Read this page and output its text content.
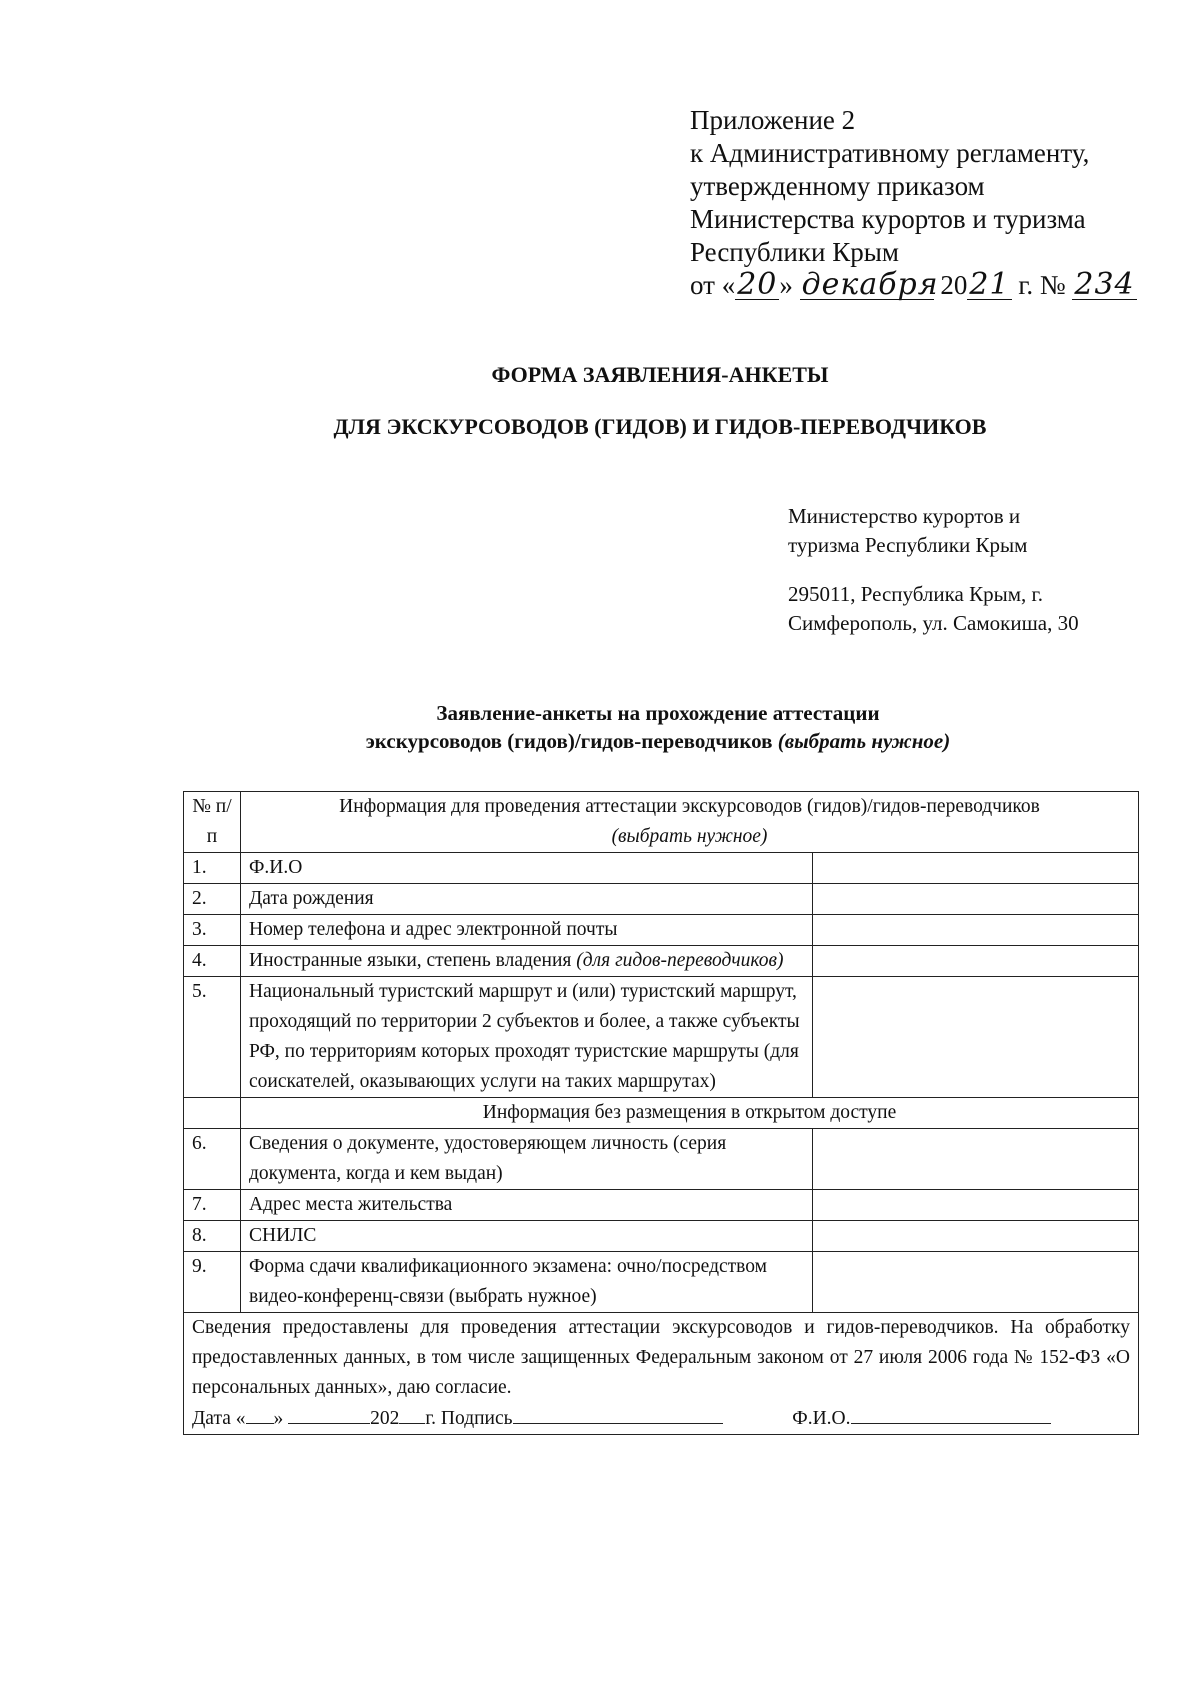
Приложение 2
к Административному регламенту,
утвержденному приказом
Министерства курортов и туризма
Республики Крым
от «20» декабря 2021 г. № 234
ФОРМА ЗАЯВЛЕНИЯ-АНКЕТЫ
ДЛЯ ЭКСКУРСОВОДОВ (ГИДОВ) И ГИДОВ-ПЕРЕВОДЧИКОВ
Министерство курортов и
туризма Республики Крым
295011, Республика Крым, г.
Симферополь, ул. Самокиша, 30
Заявление-анкеты на прохождение аттестации
экскурсоводов (гидов)/гидов-переводчиков (выбрать нужное)
№ п/п	Информация для проведения аттестации экскурсоводов (гидов)/гидов-переводчиков
(выбрать нужное)	

1.	Ф.И.О	
2.	Дата рождения	
3.	Номер телефона и адрес электронной почты	
4.	Иностранные языки, степень владения (для гидов-переводчиков)	
5.	Национальный туристский маршрут и (или) туристский маршрут, проходящий по территории 2 субъектов и более, а также субъекты РФ, по территориям которых проходят туристские маршруты (для соискателей, оказывающих услуги на таких маршрутах)	
	Информация без размещения в открытом доступе	
6.	Сведения о документе, удостоверяющем личность (серия документа, когда и кем выдан)	
7.	Адрес места жительства	
8.	СНИЛС	
9.	Форма сдачи квалификационного экзамена: очно/посредством видео-конференц-связи (выбрать нужное)	

Сведения предоставлены для проведения аттестации экскурсоводов и гидов-переводчиков. На обработку предоставленных данных, в том числе защищенных Федеральным законом от 27 июля 2006 года № 152-ФЗ «О персональных данных», даю согласие.
Дата « » 202 г. Подпись Ф.И.О.		
